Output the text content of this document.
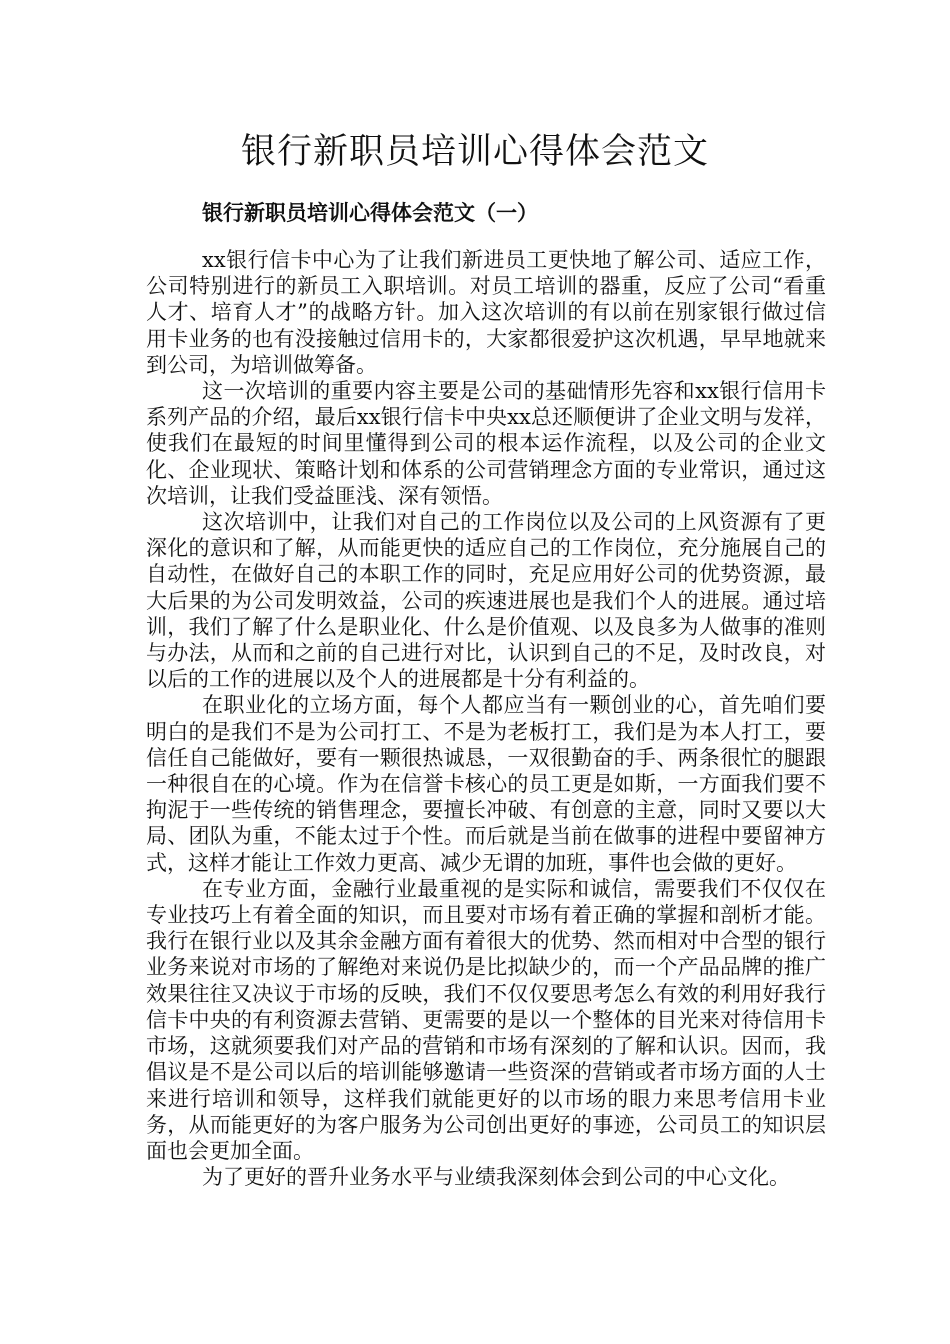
银行新职员培训心得体会范文
银行新职员培训心得体会范文（一）

xx银行信卡中心为了让我们新进员工更快地了解公司、适应工作，公司特别进行的新员工入职培训。对员工培训的器重，反应了公司“看重人才、培育人才”的战略方针。加入这次培训的有以前在别家银行做过信用卡业务的也有没接触过信用卡的，大家都很爱护这次机遇，早早地就来到公司，为培训做筹备。

这一次培训的重要内容主要是公司的基础情形先容和xx银行信用卡系列产品的介绍，最后xx银行信卡中央xx总还顺便讲了企业文明与发祥，使我们在最短的时间里懂得到公司的根本运作流程，以及公司的企业文化、企业现状、策略计划和体系的公司营销理念方面的专业常识，通过这次培训，让我们受益匪浅、深有领悟。

这次培训中，让我们对自己的工作岗位以及公司的上风资源有了更深化的意识和了解，从而能更快的适应自己的工作岗位，充分施展自己的自动性，在做好自己的本职工作的同时，充足应用好公司的优势资源，最大后果的为公司发明效益，公司的疾速进展也是我们个人的进展。通过培训，我们了解了什么是职业化、什么是价值观、以及良多为人做事的准则与办法，从而和之前的自己进行对比，认识到自己的不足，及时改良，对以后的工作的进展以及个人的进展都是十分有利益的。

在职业化的立场方面，每个人都应当有一颗创业的心，首先咱们要明白的是我们不是为公司打工、不是为老板打工，我们是为本人打工，要信任自己能做好，要有一颗很热诚恳，一双很勤奋的手、两条很忙的腿跟一种很自在的心境。作为在信誉卡核心的员工更是如斯，一方面我们要不拘泥于一些传统的销售理念，要擅长冲破、有创意的主意，同时又要以大局、团队为重，不能太过于个性。而后就是当前在做事的进程中要留神方式，这样才能让工作效力更高、减少无谓的加班，事件也会做的更好。

在专业方面，金融行业最重视的是实际和诚信，需要我们不仅仅在专业技巧上有着全面的知识，而且要对市场有着正确的掌握和剖析才能。我行在银行业以及其余金融方面有着很大的优势、然而相对中合型的银行业务来说对市场的了解绝对来说仍是比拟缺少的，而一个产品品牌的推广效果往往又决议于市场的反映，我们不仅仅要思考怎么有效的利用好我行信卡中央的有利资源去营销、更需要的是以一个整体的目光来对待信用卡市场，这就须要我们对产品的营销和市场有深刻的了解和认识。因而，我倡议是不是公司以后的培训能够邀请一些资深的营销或者市场方面的人士来进行培训和领导，这样我们就能更好的以市场的眼力来思考信用卡业务，从而能更好的为客户服务为公司创出更好的事迹，公司员工的知识层面也会更加全面。

为了更好的晋升业务水平与业绩我深刻体会到公司的中心文化。
